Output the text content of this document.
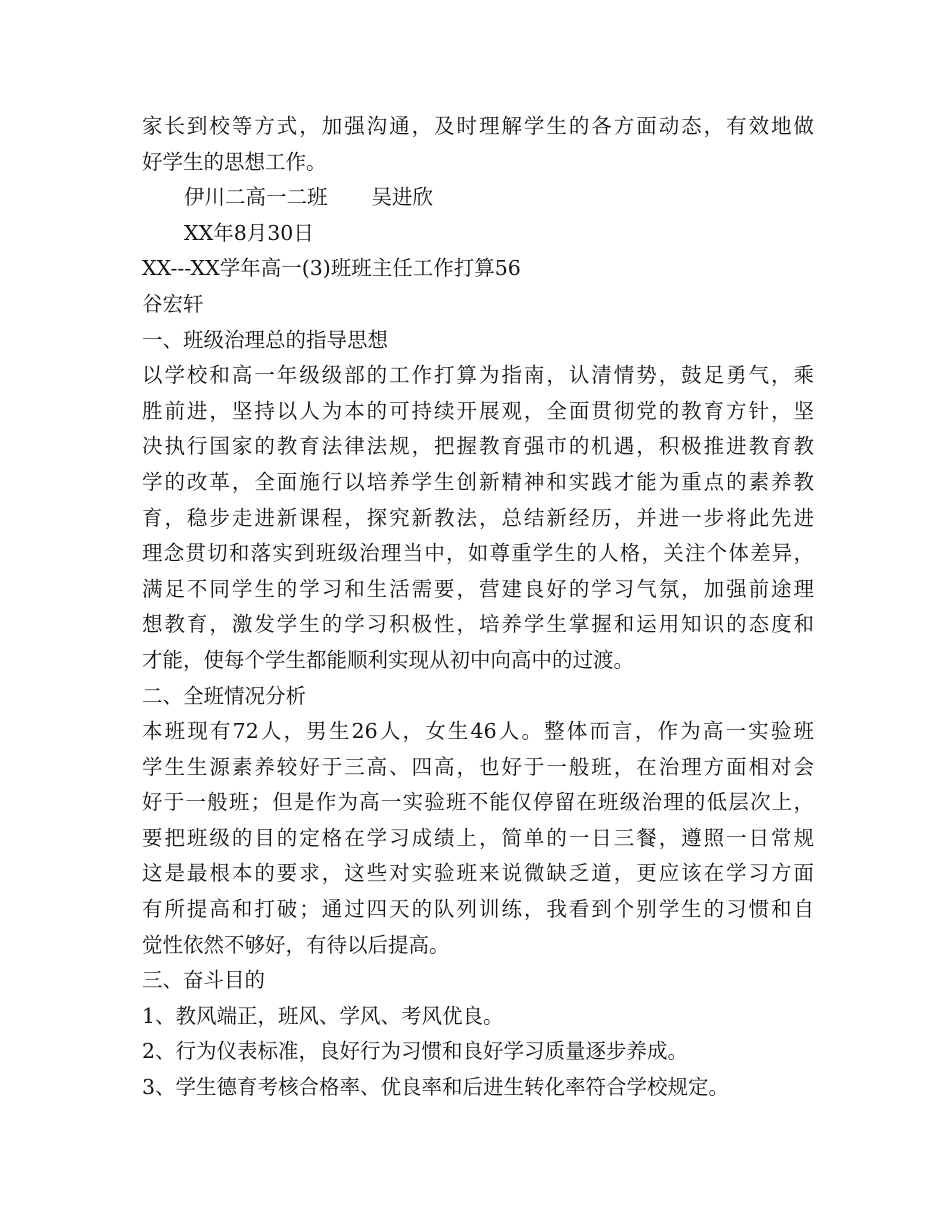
家长到校等方式，加强沟通，及时理解学生的各方面动态，有效地做
好学生的思想工作。
伊川二高一二班 吴进欣
XX年8月30日
XX---XX学年高一(3)班班主任工作打算56
谷宏轩
一、班级治理总的指导思想
以学校和高一年级级部的工作打算为指南，认清情势，鼓足勇气，乘
胜前进，坚持以人为本的可持续开展观，全面贯彻党的教育方针，坚
决执行国家的教育法律法规，把握教育强市的机遇，积极推进教育教
学的改革，全面施行以培养学生创新精神和实践才能为重点的素养教
育，稳步走进新课程，探究新教法，总结新经历，并进一步将此先进
理念贯切和落实到班级治理当中，如尊重学生的人格，关注个体差异，
满足不同学生的学习和生活需要，营建良好的学习气氛，加强前途理
想教育，激发学生的学习积极性，培养学生掌握和运用知识的态度和
才能，使每个学生都能顺利实现从初中向高中的过渡。
二、全班情况分析
本班现有72人，男生26人，女生46人。整体而言，作为高一实验班
学生生源素养较好于三高、四高，也好于一般班，在治理方面相对会
好于一般班；但是作为高一实验班不能仅停留在班级治理的低层次上，
要把班级的目的定格在学习成绩上，简单的一日三餐，遵照一日常规
这是最根本的要求，这些对实验班来说微缺乏道，更应该在学习方面
有所提高和打破；通过四天的队列训练，我看到个别学生的习惯和自
觉性依然不够好，有待以后提高。
三、奋斗目的
1、教风端正，班风、学风、考风优良。
2、行为仪表标准，良好行为习惯和良好学习质量逐步养成。
3、学生德育考核合格率、优良率和后进生转化率符合学校规定。
